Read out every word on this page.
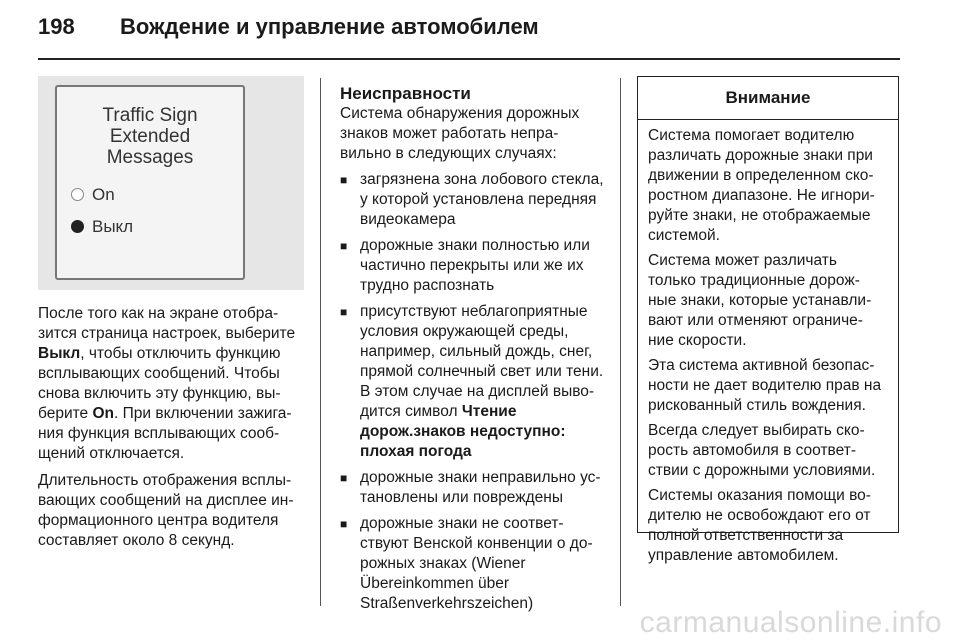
198 Вождение и управление автомобилем
Traffic Sign
Extended
Messages
On
Выкл

После того как на экране отобра-зится страница настроек, выберите Выкл, чтобы отключить функцию всплывающих сообщений. Чтобы снова включить эту функцию, вы-берите On. При включении зажига-ния функция всплывающих сооб-щений отключается.

Длительность отображения всплы-вающих сообщений на дисплее ин-формационного центра водителя составляет около 8 секунд.

Неисправности

Система обнаружения дорожных знаков может работать непра-вильно в следующих случаях:

■ загрязнена зона лобового стекла, у которой установлена передняя видеокамера
■ дорожные знаки полностью или частично перекрыты или же их трудно распознать
■ присутствуют неблагоприятные условия окружающей среды, например, сильный дождь, снег, прямой солнечный свет или тени. В этом случае на дисплей выво-дится символ Чтение дорож.знаков недоступно: плохая погода
■ дорожные знаки неправильно ус-тановлены или повреждены
■ дорожные знаки не соответ-ствуют Венской конвенции о до-рожных знаках (Wiener Übereinkommen über Straßenverkehrszeichen)
Внимание

Система помогает водителю различать дорожные знаки при движении в определенном ско-ростном диапазоне. Не игнори-руйте знаки, не отображаемые системой.

Система может различать только традиционные дорож-ные знаки, которые устанавли-вают или отменяют ограниче-ние скорости.

Эта система активной безопас-ности не дает водителю прав на рискованный стиль вождения.

Всегда следует выбирать ско-рость автомобиля в соответ-ствии с дорожными условиями.

Системы оказания помощи во-дителю не освобождают его от полной ответственности за управление автомобилем.

carmanualsonline.info
